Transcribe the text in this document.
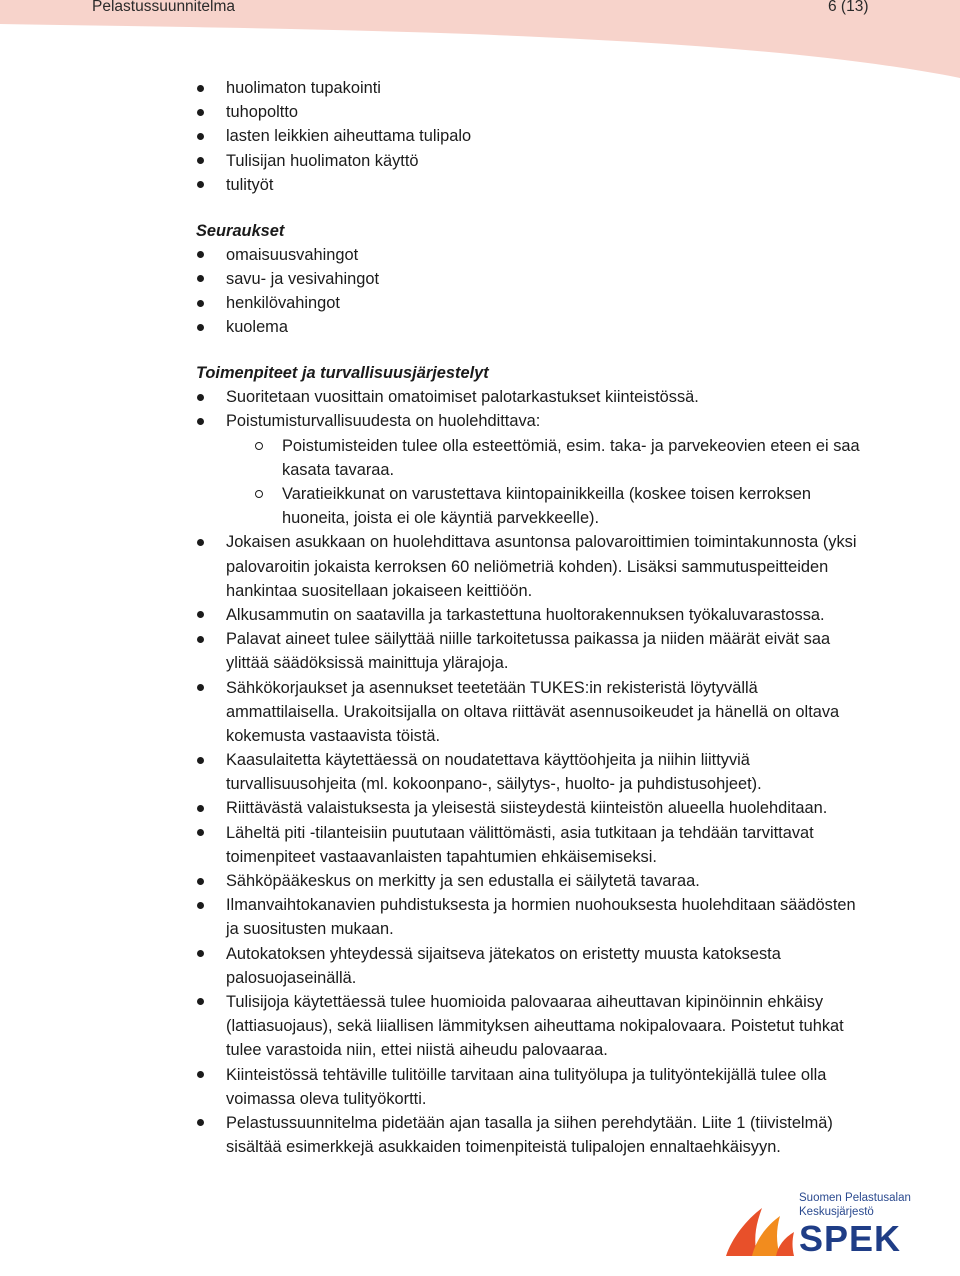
Pelastussuunnitelma	6 (13)
huolimaton tupakointi
tuhopoltto
lasten leikkien aiheuttama tulipalo
Tulisijan huolimaton käyttö
tulityöt
Seuraukset
omaisuusvahingot
savu- ja vesivahingot
henkilövahingot
kuolema
Toimenpiteet ja turvallisuusjärjestelyt
Suoritetaan vuosittain omatoimiset palotarkastukset kiinteistössä.
Poistumisturvallisuudesta on huolehdittava:
Poistumisteiden tulee olla esteettömiä, esim. taka- ja parvekeovien eteen ei saa
kasata tavaraa.
Varatieikkunat on varustettava kiintopainikkeilla (koskee toisen kerroksen
huoneita, joista ei ole käyntiä parvekkeelle).
Jokaisen asukkaan on huolehdittava asuntonsa palovaroittimien toimintakunnosta (yksi
palovaroitin jokaista kerroksen 60 neliömetriä kohden). Lisäksi sammutuspeitteiden
hankintaa suositellaan jokaiseen keittiöön.
Alkusammutin on saatavilla ja tarkastettuna huoltorakennuksen työkaluvarastossa.
Palavat aineet tulee säilyttää niille tarkoitetussa paikassa ja niiden määrät eivät saa
ylittää säädöksissä mainittuja ylärajoja.
Sähkökorjaukset ja asennukset teetetään TUKES:in rekisteristä löytyvällä
ammattilaisella. Urakoitsijalla on oltava riittävät asennusoikeudet ja hänellä on oltava
kokemusta vastaavista töistä.
Kaasulaitetta käytettäessä on noudatettava käyttöohjeita ja niihin liittyviä
turvallisuusohjeita (ml. kokoonpano-, säilytys-, huolto- ja puhdistusohjeet).
Riittävästä valaistuksesta ja yleisestä siisteydestä kiinteistön alueella huolehditaan.
Läheltä piti -tilanteisiin puututaan välittömästi, asia tutkitaan ja tehdään tarvittavat
toimenpiteet vastaavanlaisten tapahtumien ehkäisemiseksi.
Sähköpääkeskus on merkitty ja sen edustalla ei säilytetä tavaraa.
Ilmanvaihtokanavien puhdistuksesta ja hormien nuohouksesta huolehditaan säädösten
ja suositusten mukaan.
Autokatoksen yhteydessä sijaitseva jätekatos on eristetty muusta katoksesta
palosuojaseinällä.
Tulisijoja käytettäessä tulee huomioida palovaaraa aiheuttavan kipinöinnin ehkäisy
(lattiasuojaus), sekä liiallisen lämmityksen aiheuttama nokipalovaara. Poistetut tuhkat
tulee varastoida niin, ettei niistä aiheudu palovaaraa.
Kiinteistössä tehtäville tulitöille tarvitaan aina tulityölupa ja tulityöntekijällä tulee olla
voimassa oleva tulityökortti.
Pelastussuunnitelma pidetään ajan tasalla ja siihen perehdytään. Liite 1 (tiivistelmä)
sisältää esimerkkejä asukkaiden toimenpiteistä tulipalojen ennaltaehkäisyyn.
Suomen Pelastusalan
Keskusjärjestö
SPEK
